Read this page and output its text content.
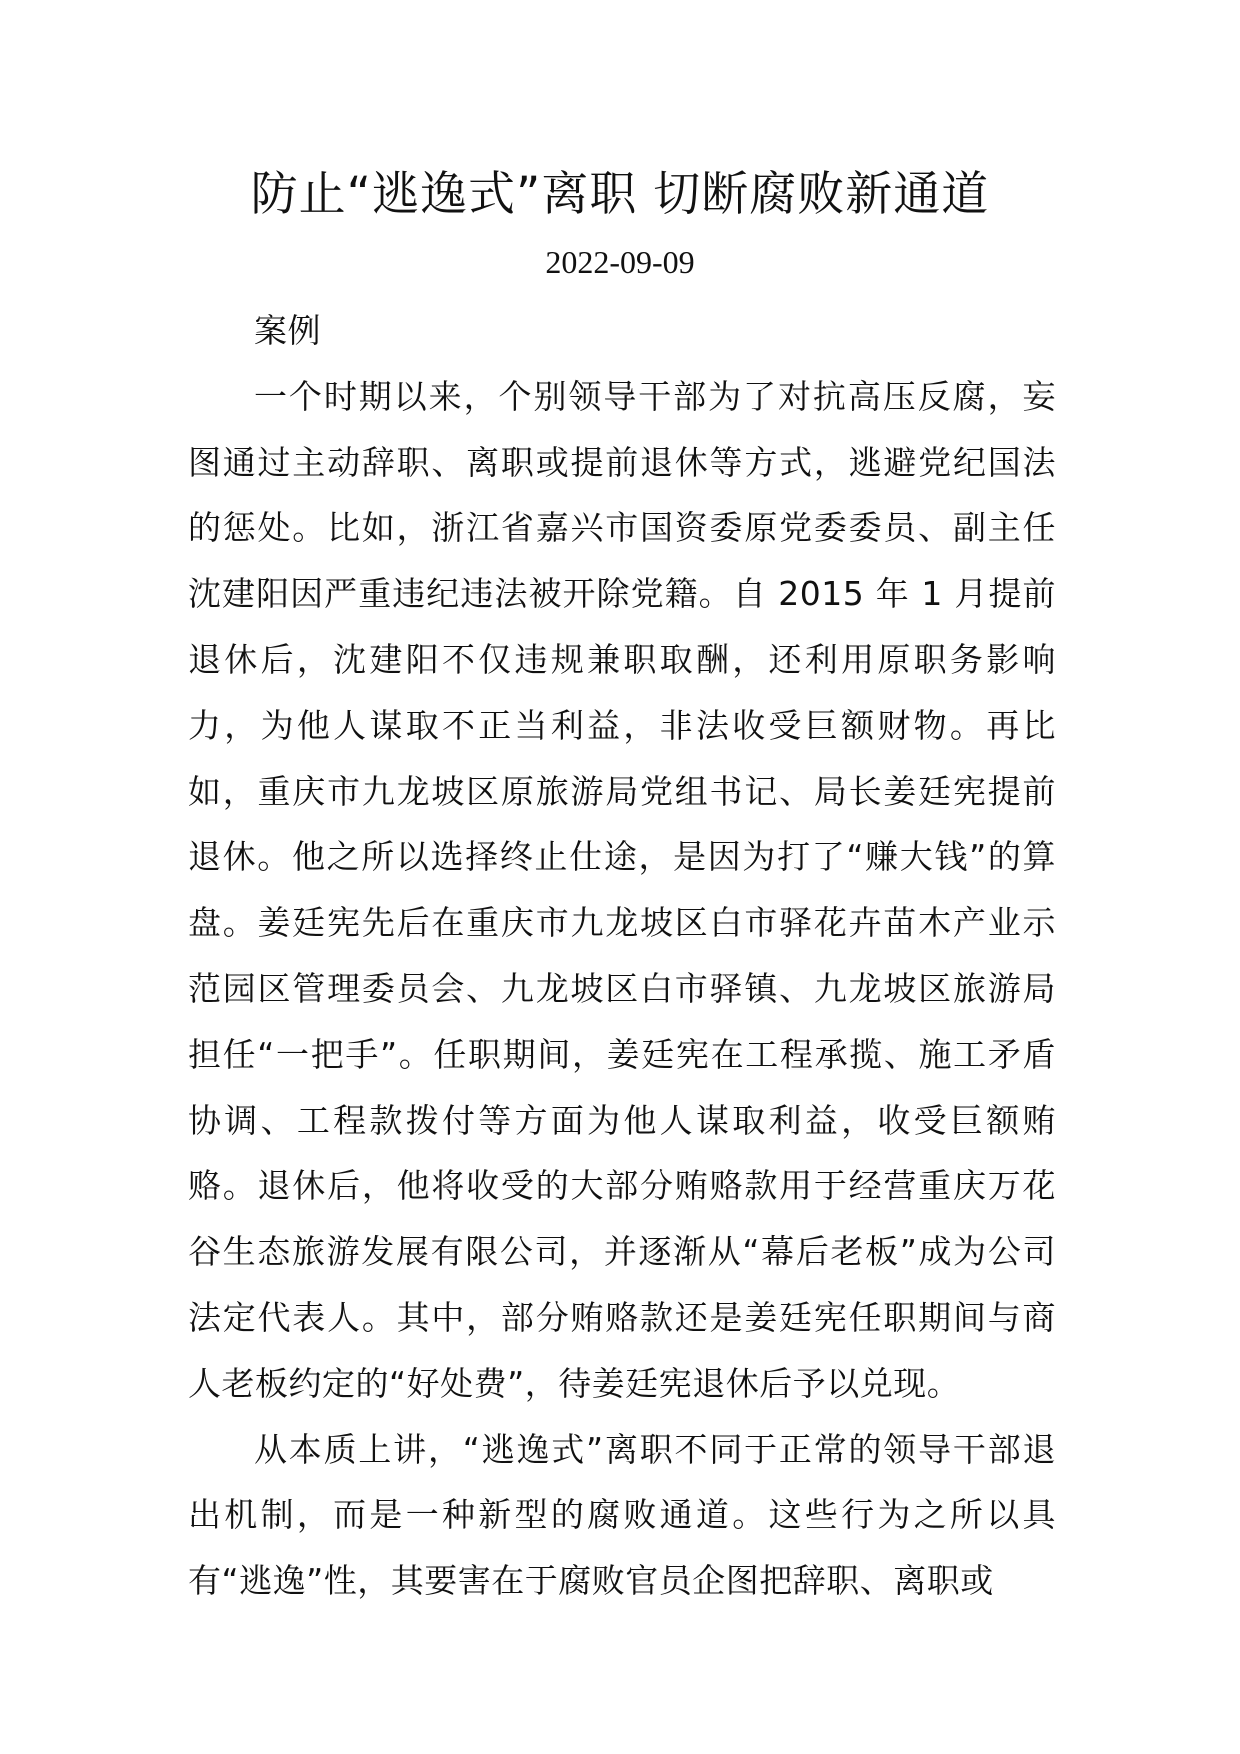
防止“逃逸式”离职 切断腐败新通道
2022-09-09

案例

一个时期以来，个别领导干部为了对抗高压反腐，妄图通过主动辞职、离职或提前退休等方式，逃避党纪国法的惩处。比如，浙江省嘉兴市国资委原党委委员、副主任沈建阳因严重违纪违法被开除党籍。自 2015 年 1 月提前退休后，沈建阳不仅违规兼职取酬，还利用原职务影响力，为他人谋取不正当利益，非法收受巨额财物。再比如，重庆市九龙坡区原旅游局党组书记、局长姜廷宪提前退休。他之所以选择终止仕途，是因为打了“赚大钱”的算盘。姜廷宪先后在重庆市九龙坡区白市驿花卉苗木产业示范园区管理委员会、九龙坡区白市驿镇、九龙坡区旅游局担任“一把手”。任职期间，姜廷宪在工程承揽、施工矛盾协调、工程款拨付等方面为他人谋取利益，收受巨额贿赂。退休后，他将收受的大部分贿赂款用于经营重庆万花谷生态旅游发展有限公司，并逐渐从“幕后老板”成为公司法定代表人。其中，部分贿赂款还是姜廷宪任职期间与商人老板约定的“好处费”，待姜廷宪退休后予以兑现。

从本质上讲，“逃逸式”离职不同于正常的领导干部退出机制，而是一种新型的腐败通道。这些行为之所以具有“逃逸”性，其要害在于腐败官员企图把辞职、离职或
